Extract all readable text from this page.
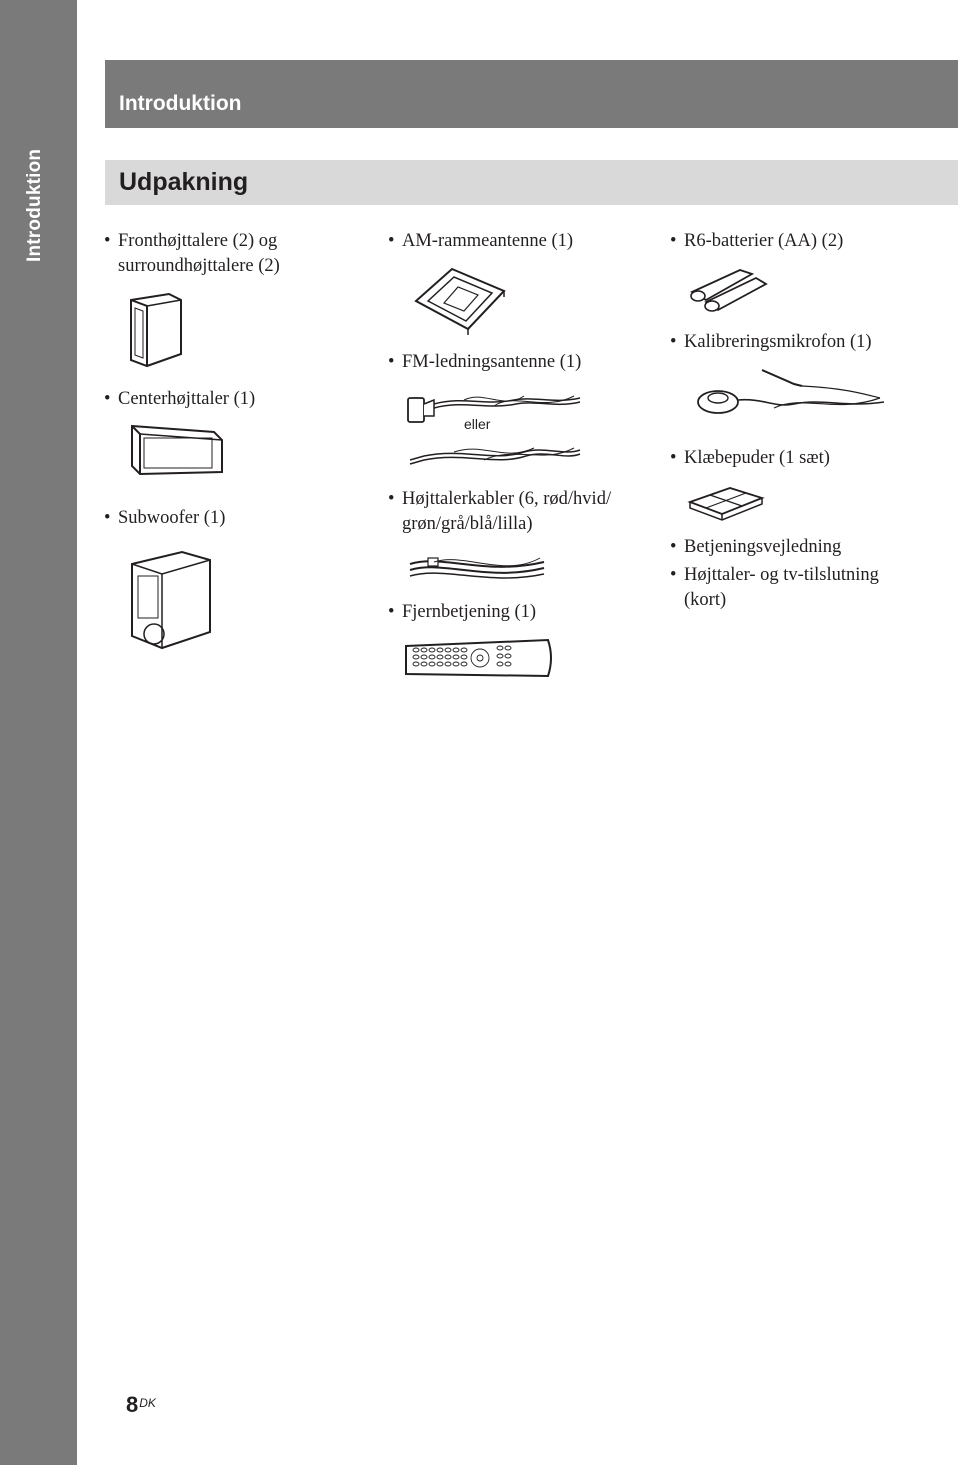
Introduktion
Introduktion
Udpakning
• Fronthøjttalere (2) og
surroundhøjttalere (2)
• Centerhøjttaler (1)
• Subwoofer (1)
• AM-rammeantenne (1)
• FM-ledningsantenne (1)
eller
• Højttalerkabler (6, rød/hvid/
grøn/grå/blå/lilla)
• Fjernbetjening (1)
• R6-batterier (AA) (2)
• Kalibreringsmikrofon (1)
• Klæbepuder (1 sæt)
• Betjeningsvejledning
• Højttaler- og tv-tilslutning
(kort)
$8^{DK}$
